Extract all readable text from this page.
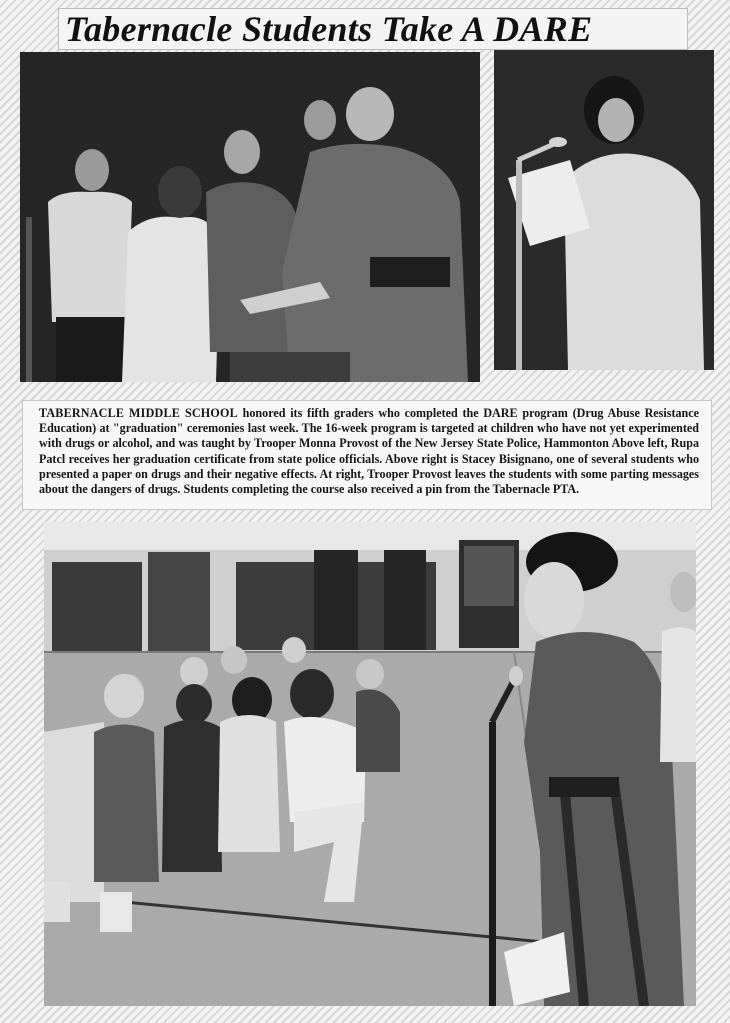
Tabernacle Students Take A DARE
TABERNACLE MIDDLE SCHOOL honored its fifth graders who completed the DARE program (Drug Abuse Resistance Education) at "graduation" ceremonies last week. The 16-week program is targeted at children who have not yet experimented with drugs or alcohol, and was taught by Trooper Monna Provost of the New Jersey State Police, Hammonton Above left, Rupa Patcl receives her graduation certificate from state police officials. Above right is Stacey Bisignano, one of several students who presented a paper on drugs and their negative effects. At right, Trooper Provost leaves the students with some parting messages about the dangers of drugs. Students completing the course also received a pin from the Tabernacle PTA.
